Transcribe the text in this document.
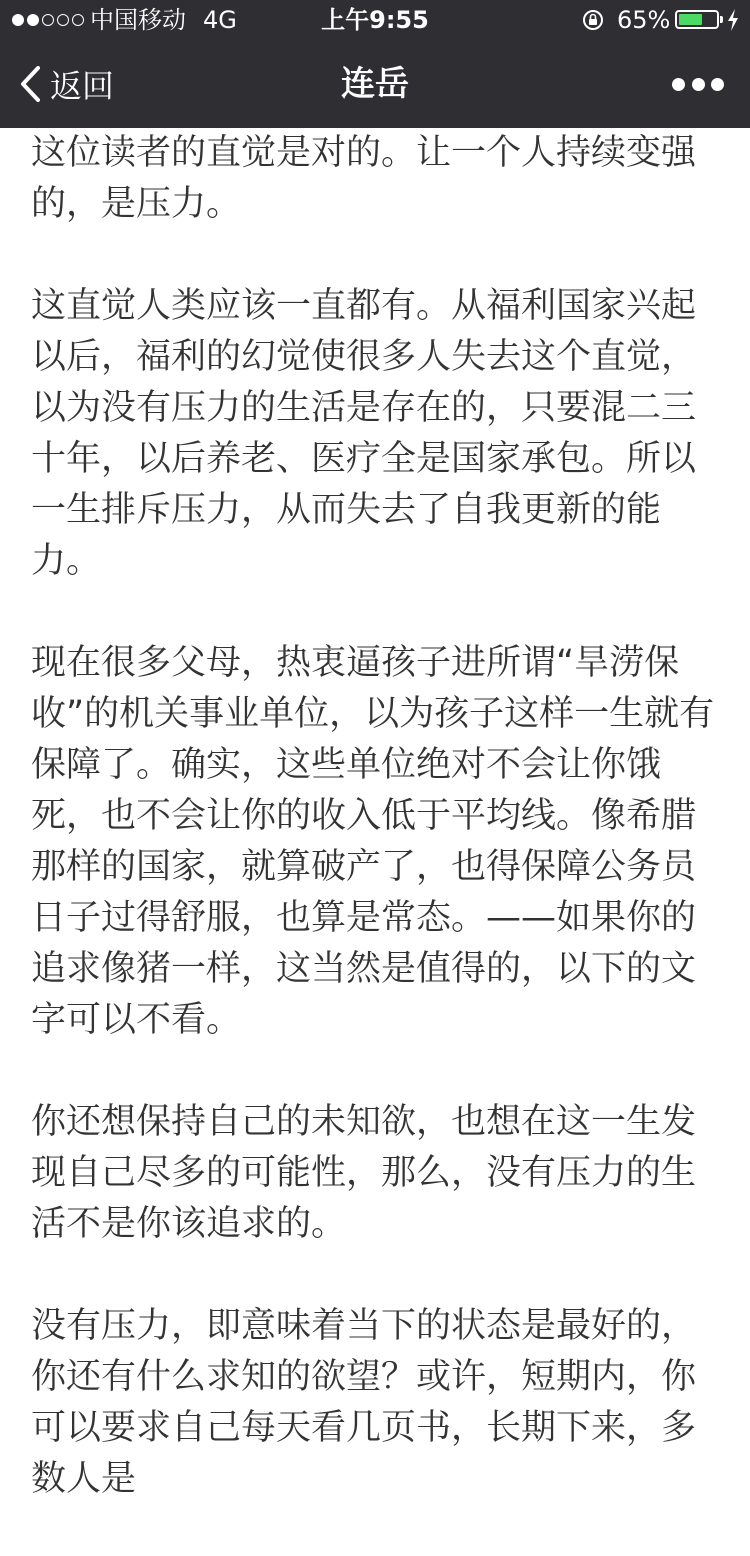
中国移动 4G	上午9:55	65%
返回	连岳

这位读者的直觉是对的。让一个人持续变强的，是压力。

这直觉人类应该一直都有。从福利国家兴起以后，福利的幻觉使很多人失去这个直觉，以为没有压力的生活是存在的，只要混二三十年，以后养老、医疗全是国家承包。所以一生排斥压力，从而失去了自我更新的能力。

现在很多父母，热衷逼孩子进所谓“旱涝保收”的机关事业单位，以为孩子这样一生就有保障了。确实，这些单位绝对不会让你饿死，也不会让你的收入低于平均线。像希腊那样的国家，就算破产了，也得保障公务员日子过得舒服，也算是常态。——如果你的追求像猪一样，这当然是值得的，以下的文字可以不看。

你还想保持自己的未知欲，也想在这一生发现自己尽多的可能性，那么，没有压力的生活不是你该追求的。

没有压力，即意味着当下的状态是最好的，你还有什么求知的欲望？或许，短期内，你可以要求自己每天看几页书，长期下来，多数人是
